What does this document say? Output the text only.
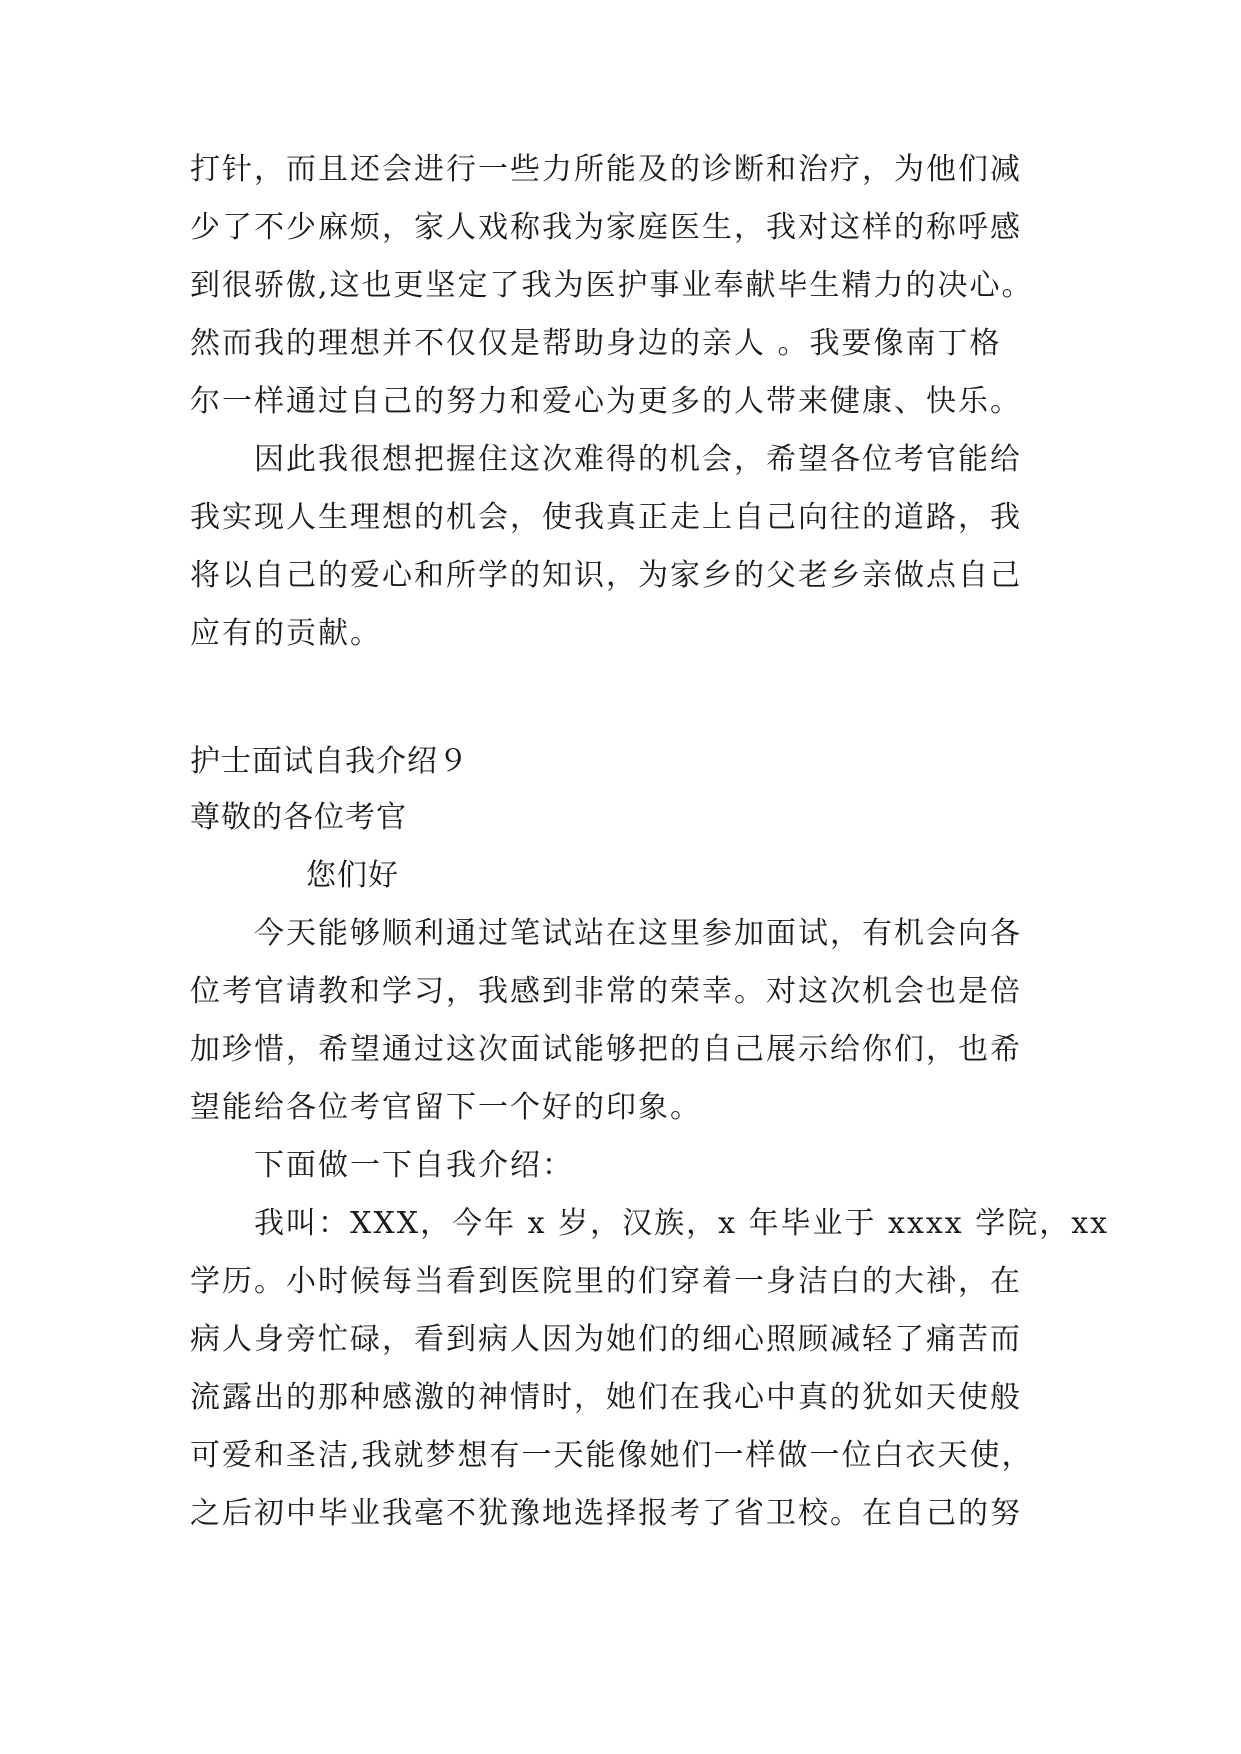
打针，而且还会进行一些力所能及的诊断和治疗，为他们减
少了不少麻烦，家人戏称我为家庭医生，我对这样的称呼感
到很骄傲,这也更坚定了我为医护事业奉献毕生精力的决心。
然而我的理想并不仅仅是帮助身边的亲人 。我要像南丁格
尔一样通过自己的努力和爱心为更多的人带来健康、快乐。
因此我很想把握住这次难得的机会，希望各位考官能给
我实现人生理想的机会，使我真正走上自己向往的道路，我
将以自己的爱心和所学的知识，为家乡的父老乡亲做点自己
应有的贡献。
护士面试自我介绍９
尊敬的各位考官
您们好
今天能够顺利通过笔试站在这里参加面试，有机会向各
位考官请教和学习，我感到非常的荣幸。对这次机会也是倍
加珍惜，希望通过这次面试能够把的自己展示给你们，也希
望能给各位考官留下一个好的印象。
下面做一下自我介绍：
我叫：XXX，今年 x 岁，汉族，x 年毕业于 xxxx 学院，xx
学历。小时候每当看到医院里的们穿着一身洁白的大褂，在
病人身旁忙碌，看到病人因为她们的细心照顾减轻了痛苦而
流露出的那种感激的神情时，她们在我心中真的犹如天使般
可爱和圣洁,我就梦想有一天能像她们一样做一位白衣天使，
之后初中毕业我毫不犹豫地选择报考了省卫校。在自己的努
